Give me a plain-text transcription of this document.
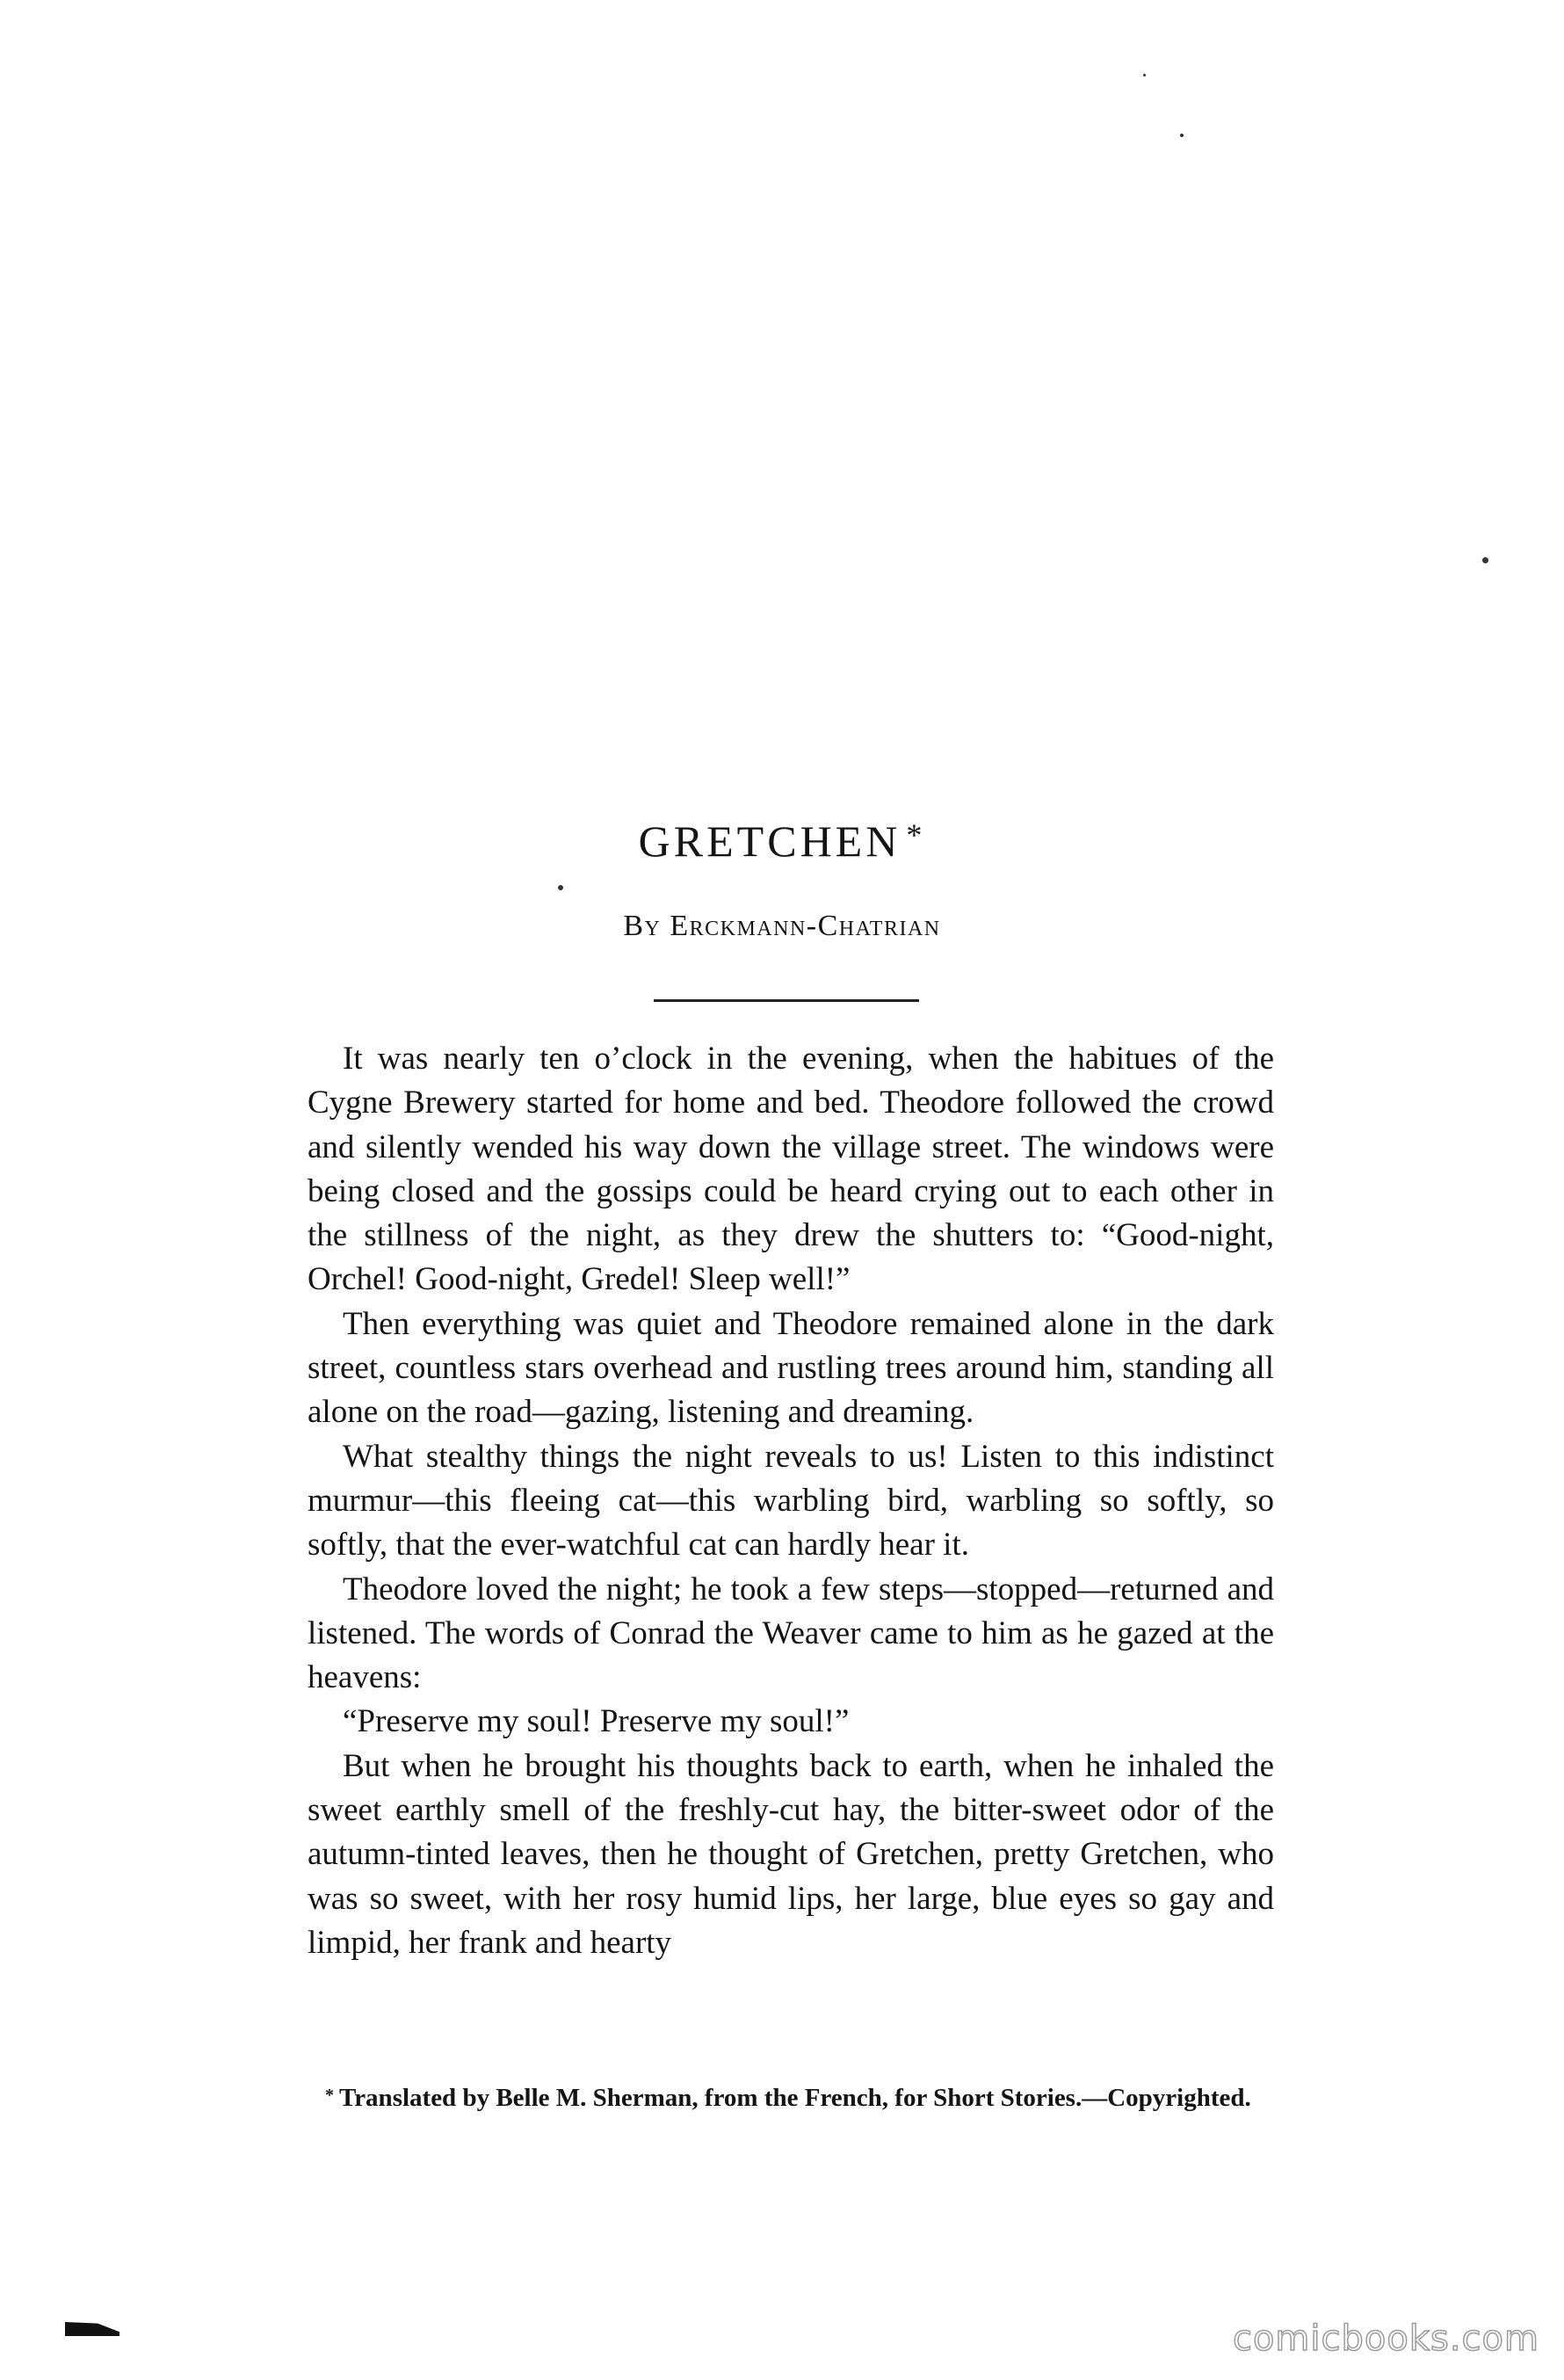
GRETCHEN *
By Erckmann-Chatrian

It was nearly ten o’clock in the evening, when the habitues of the Cygne Brewery started for home and bed. Theodore followed the crowd and silently wended his way down the village street. The windows were being closed and the gossips could be heard crying out to each other in the stillness of the night, as they drew the shutters to: “Good-night, Orchel! Good-night, Gredel! Sleep well!”

Then everything was quiet and Theodore remained alone in the dark street, countless stars overhead and rustling trees around him, standing all alone on the road—gazing, listening and dreaming.

What stealthy things the night reveals to us! Listen to this indistinct murmur—this fleeing cat—this warbling bird, warbling so softly, so softly, that the ever-watchful cat can hardly hear it.

Theodore loved the night; he took a few steps—stopped—returned and listened. The words of Conrad the Weaver came to him as he gazed at the heavens:

“Preserve my soul! Preserve my soul!”

But when he brought his thoughts back to earth, when he inhaled the sweet earthly smell of the freshly-cut hay, the bitter-sweet odor of the autumn-tinted leaves, then he thought of Gretchen, pretty Gretchen, who was so sweet, with her rosy humid lips, her large, blue eyes so gay and limpid, her frank and hearty

* Translated by Belle M. Sherman, from the French, for Short Stories.—Copyrighted.
comicbooks.com
